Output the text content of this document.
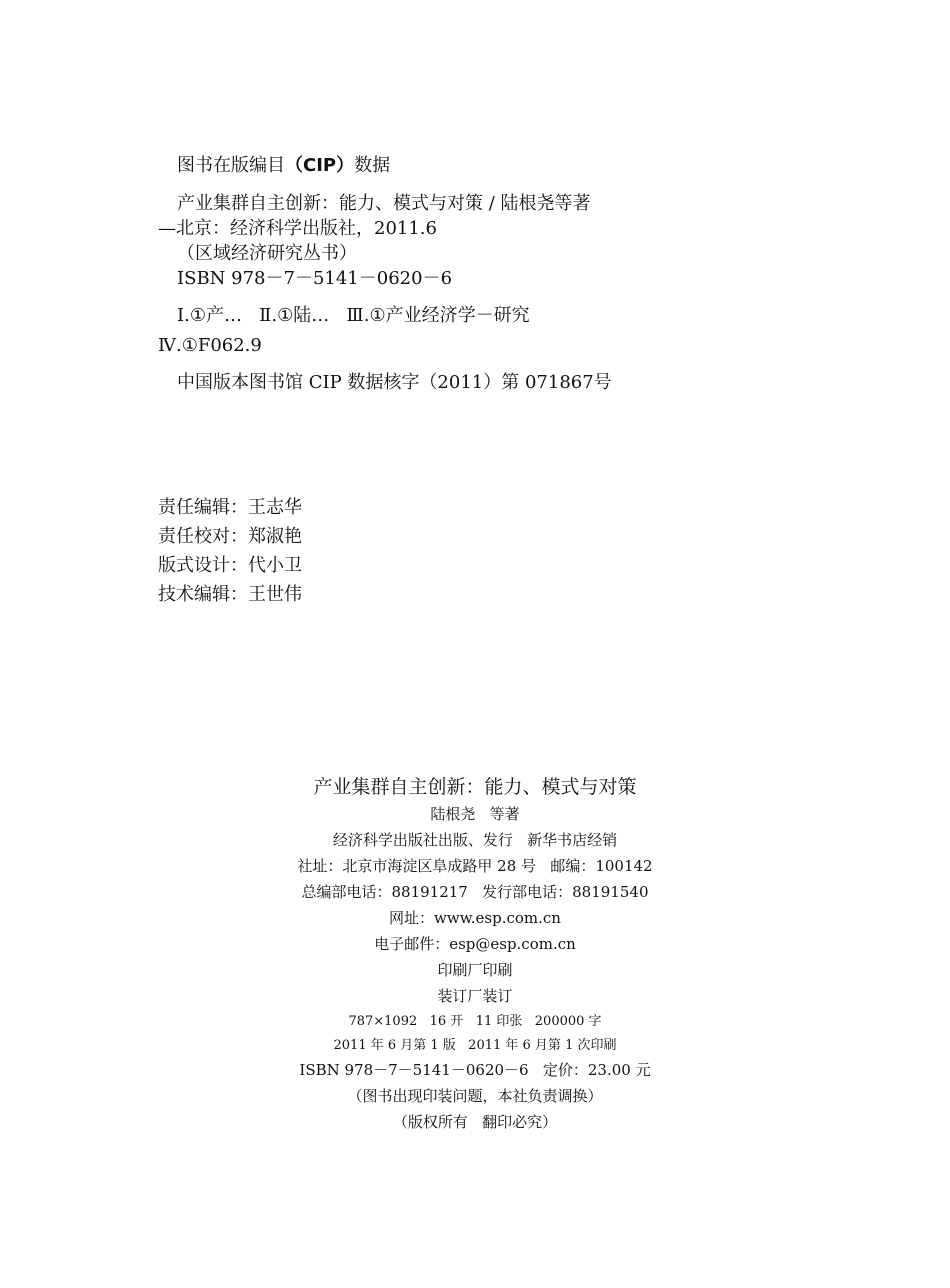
图书在版编目（CIP）数据
产业集群自主创新：能力、模式与对策 / 陆根尧等著
—北京：经济科学出版社，2011.6
（区域经济研究丛书）
ISBN 978－7－5141－0620－6
Ⅰ.①产…   Ⅱ.①陆…   Ⅲ.①产业经济学－研究
Ⅳ.①F062.9
中国版本图书馆 CIP 数据核字（2011）第 071867号
责任编辑：王志华
责任校对：郑淑艳
版式设计：代小卫
技术编辑：王世伟
产业集群自主创新：能力、模式与对策
陆根尧   等著
经济科学出版社出版、发行   新华书店经销
社址：北京市海淀区阜成路甲 28 号   邮编：100142
总编部电话：88191217   发行部电话：88191540
网址：www.esp.com.cn
电子邮件：esp@esp.com.cn
印刷厂印刷
装订厂装订
787×1092   16 开   11 印张   200000 字
2011 年 6 月第 1 版   2011 年 6 月第 1 次印刷
ISBN 978－7－5141－0620－6   定价：23.00 元
（图书出现印装问题，本社负责调换）
（版权所有   翻印必究）
